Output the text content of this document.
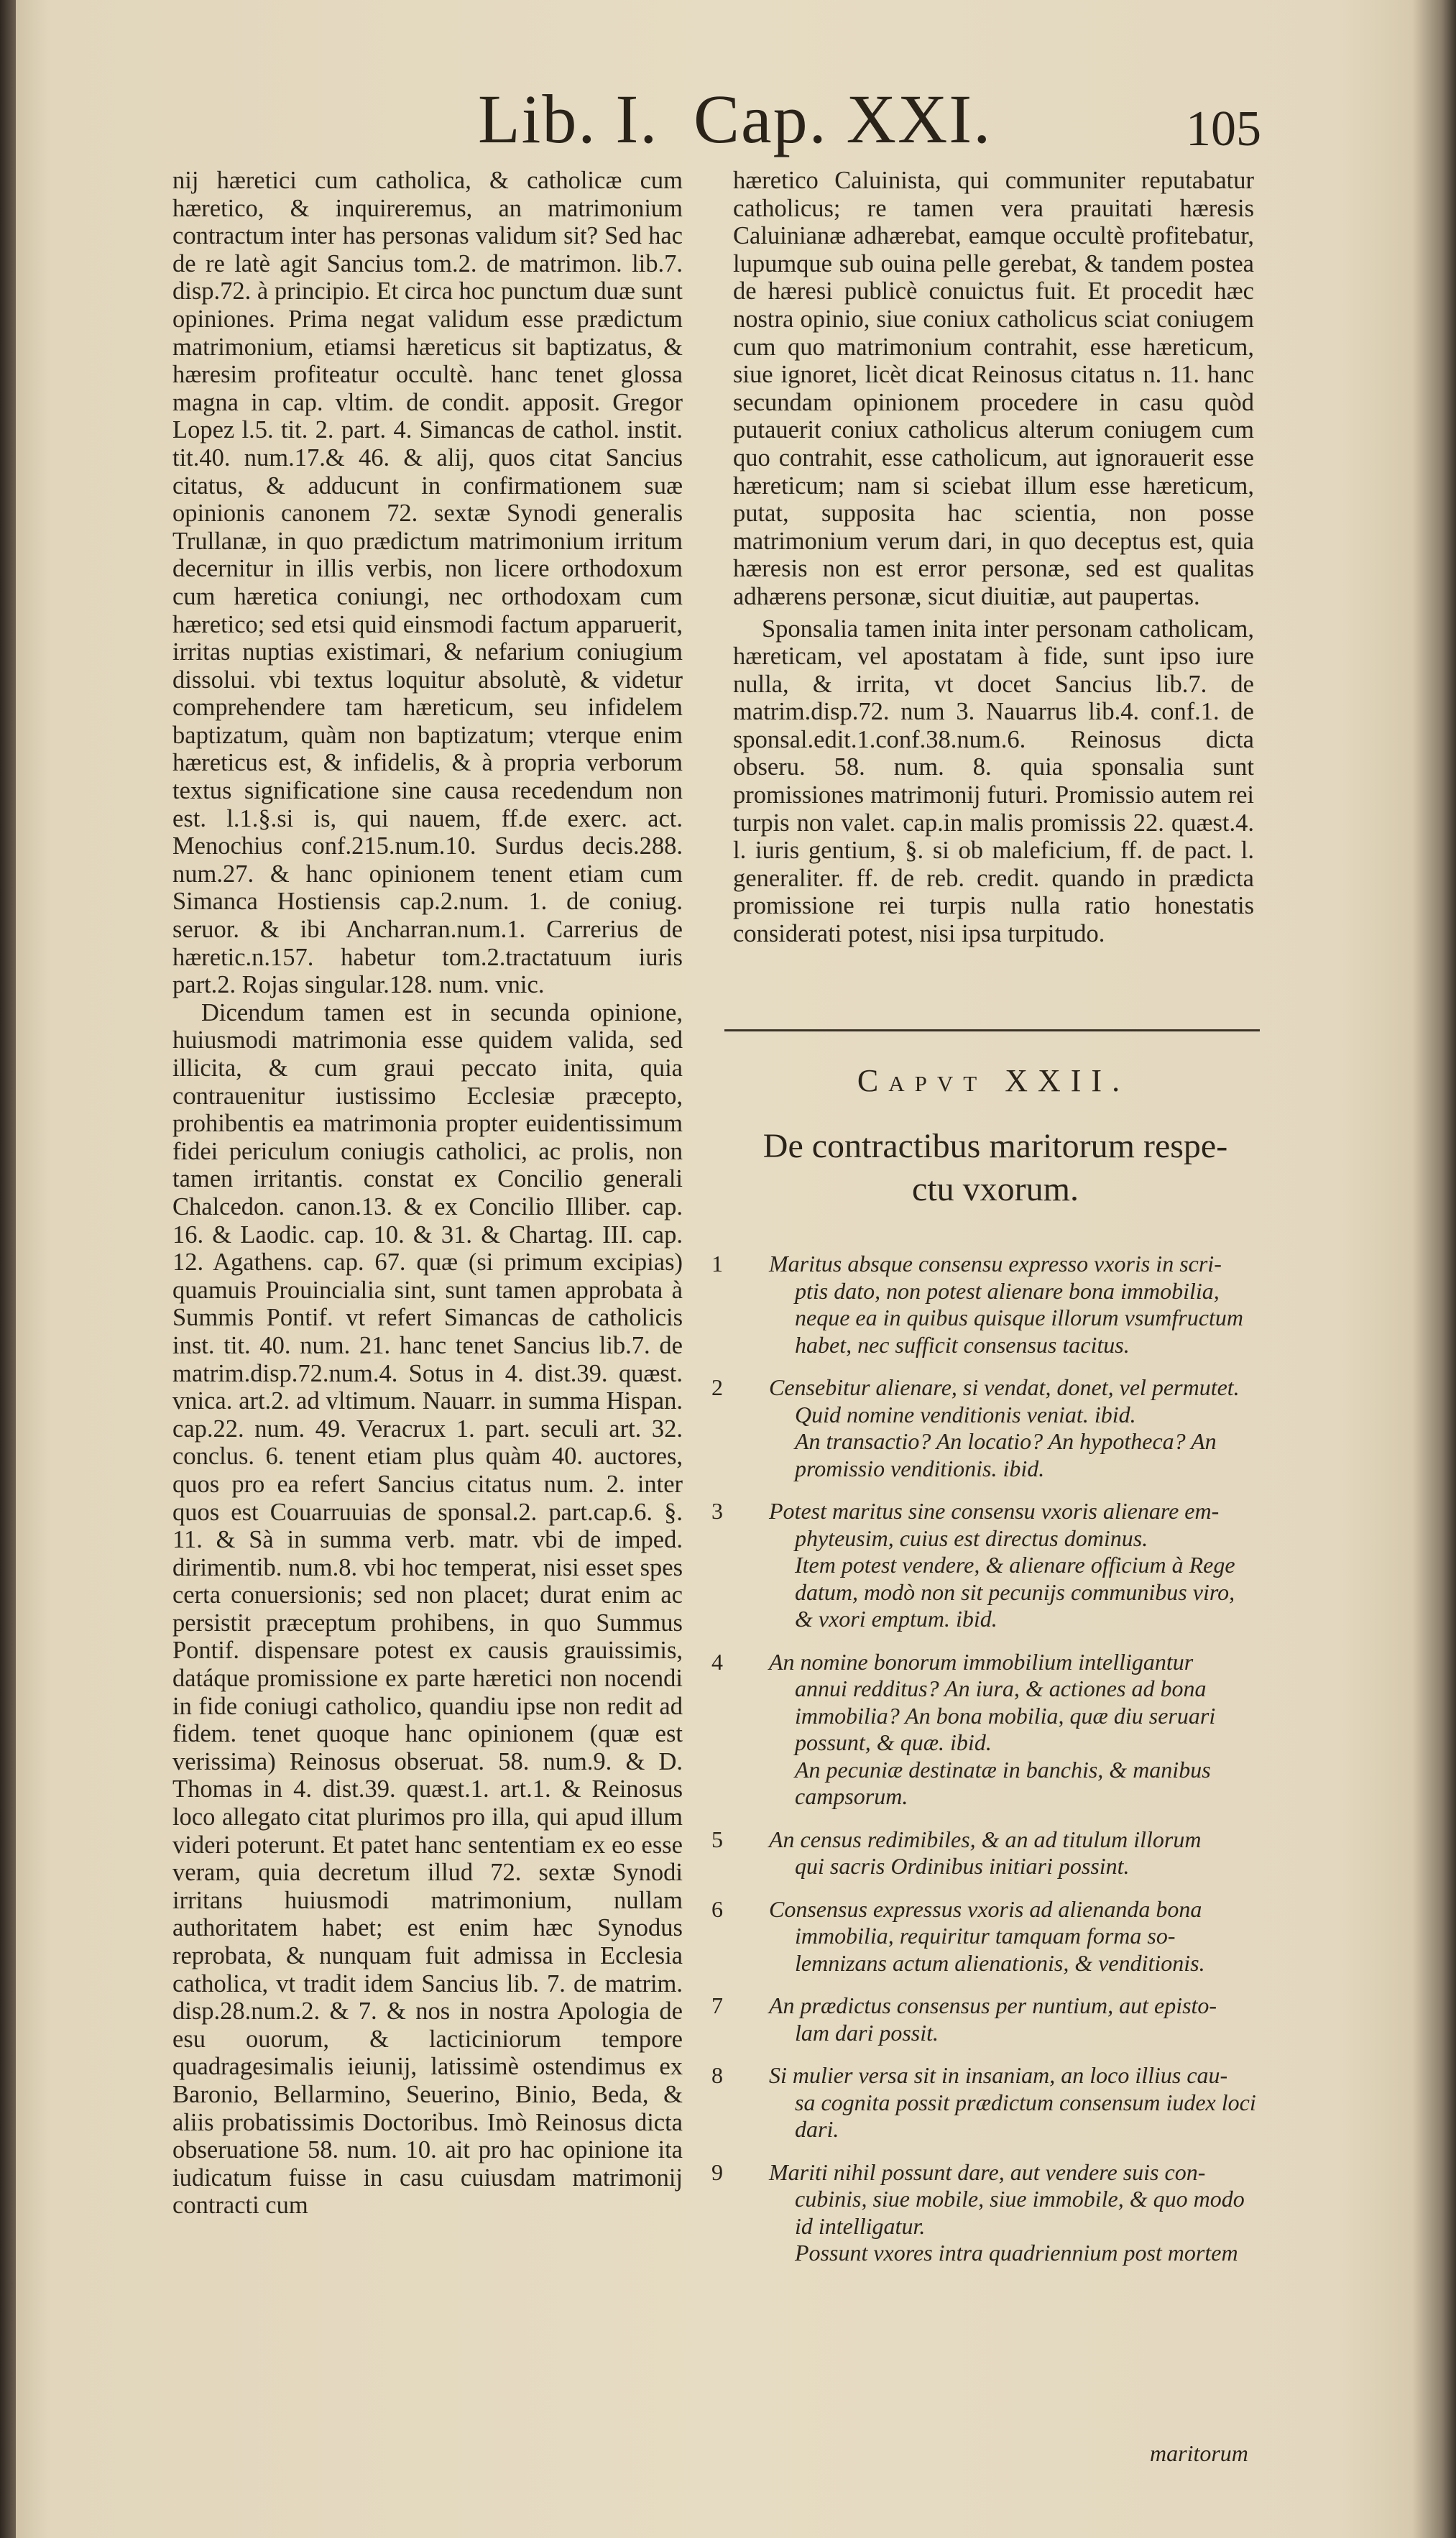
Lib. I. Cap. XXI.	105

nij hæretici cum catholica, & catholicæ cum hæretico, & inquireremus, an matrimonium contractum inter has personas validum sit? Sed hac de re latè agit Sancius tom.2. de matrimon. lib.7. disp.72. à principio. Et circa hoc punctum duæ sunt opiniones. Prima negat validum esse prædictum matrimonium, etiamsi hæreticus sit baptizatus, & hæresim profiteatur occultè. hanc tenet glossa magna in cap. vltim. de condit. apposit. Gregor Lopez l.5. tit. 2. part. 4. Simancas de cathol. instit. tit.40. num.17.& 46. & alij, quos citat Sancius citatus, & adducunt in confirmationem suæ opinionis canonem 72. sextæ Synodi generalis Trullanæ, in quo prædictum matrimonium irritum decernitur in illis verbis, non licere orthodoxum cum hæretica coniungi, nec orthodoxam cum hæretico; sed etsi quid einsmodi factum apparuerit, irritas nuptias existimari, & nefarium coniugium dissolui. vbi textus loquitur absolutè, & videtur comprehendere tam hæreticum, seu infidelem baptizatum, quàm non baptizatum; vterque enim hæreticus est, & infidelis, & à propria verborum textus significatione sine causa recedendum non est. l.1.§.si is, qui nauem, ff.de exerc. act. Menochius conf.215.num.10. Surdus decis.288. num.27. & hanc opinionem tenent etiam cum Simanca Hostiensis cap.2.num. 1. de coniug. seruor. & ibi Ancharran.num.1. Carrerius de hæretic.n.157. habetur tom.2.tractatuum iuris part.2. Rojas singular.128. num. vnic.

Dicendum tamen est in secunda opinione, huiusmodi matrimonia esse quidem valida, sed illicita, & cum graui peccato inita, quia contrauenitur iustissimo Ecclesiæ præcepto, prohibentis ea matrimonia propter euidentissimum fidei periculum coniugis catholici, ac prolis, non tamen irritantis. constat ex Concilio generali Chalcedon. canon.13. & ex Concilio Illiber. cap. 16. & Laodic. cap. 10. & 31. & Chartag. III. cap. 12. Agathens. cap. 67. quæ (si primum excipias) quamuis Prouincialia sint, sunt tamen approbata à Summis Pontif. vt refert Simancas de catholicis inst. tit. 40. num. 21. hanc tenet Sancius lib.7. de matrim.disp.72.num.4. Sotus in 4. dist.39. quæst. vnica. art.2. ad vltimum. Nauarr. in summa Hispan. cap.22. num. 49. Veracrux 1. part. seculi art. 32. conclus. 6. tenent etiam plus quàm 40. auctores, quos pro ea refert Sancius citatus num. 2. inter quos est Couarruuias de sponsal.2. part.cap.6. §. 11. & Sà in summa verb. matr. vbi de imped. dirimentib. num.8. vbi hoc temperat, nisi esset spes certa conuersionis; sed non placet; durat enim ac persistit præceptum prohibens, in quo Summus Pontif. dispensare potest ex causis grauissimis, datáque promissione ex parte hæretici non nocendi in fide coniugi catholico, quandiu ipse non redit ad fidem. tenet quoque hanc opinionem (quæ est verissima) Reinosus obseruat. 58. num.9. & D. Thomas in 4. dist.39. quæst.1. art.1. & Reinosus loco allegato citat plurimos pro illa, qui apud illum videri poterunt. Et patet hanc sententiam ex eo esse veram, quia decretum illud 72. sextæ Synodi irritans huiusmodi matrimonium, nullam authoritatem habet; est enim hæc Synodus reprobata, & nunquam fuit admissa in Ecclesia catholica, vt tradit idem Sancius lib. 7. de matrim. disp.28.num.2. & 7. & nos in nostra Apologia de esu ouorum, & lacticiniorum tempore quadragesimalis ieiunij, latissimè ostendimus ex Baronio, Bellarmino, Seuerino, Binio, Beda, & aliis probatissimis Doctoribus. Imò Reinosus dicta obseruatione 58. num. 10. ait pro hac opinione ita iudicatum fuisse in casu cuiusdam matrimonij contracti cum

hæretico Caluinista, qui communiter reputabatur catholicus; re tamen vera prauitati hæresis Caluinianæ adhærebat, eamque occultè profitebatur, lupumque sub ouina pelle gerebat, & tandem postea de hæresi publicè conuictus fuit. Et procedit hæc nostra opinio, siue coniux catholicus sciat coniugem cum quo matrimonium contrahit, esse hæreticum, siue ignoret, licèt dicat Reinosus citatus n. 11. hanc secundam opinionem procedere in casu quòd putauerit coniux catholicus alterum coniugem cum quo contrahit, esse catholicum, aut ignorauerit esse hæreticum; nam si sciebat illum esse hæreticum, putat, supposita hac scientia, non posse matrimonium verum dari, in quo deceptus est, quia hæresis non est error personæ, sed est qualitas adhærens personæ, sicut diuitiæ, aut paupertas.

Sponsalia tamen inita inter personam catholicam, hæreticam, vel apostatam à fide, sunt ipso iure nulla, & irrita, vt docet Sancius lib.7. de matrim.disp.72. num 3. Nauarrus lib.4. conf.1. de sponsal.edit.1.conf.38.num.6. Reinosus dicta obseru. 58. num. 8. quia sponsalia sunt promissiones matrimonij futuri. Promissio autem rei turpis non valet. cap.in malis promissis 22. quæst.4. l. iuris gentium, §. si ob maleficium, ff. de pact. l. generaliter. ff. de reb. credit. quando in prædicta promissione rei turpis nulla ratio honestatis considerati potest, nisi ipsa turpitudo.

Capvt XXII.
De contractibus maritorum respe-
ctu vxorum.
1 Maritus absque consensu expresso vxoris in scri-
ptis dato, non potest alienare bona immobilia,
neque ea in quibus quisque illorum vsumfructum
habet, nec sufficit consensus tacitus.
2 Censebitur alienare, si vendat, donet, vel permutet.
Quid nomine venditionis veniat. ibid.
An transactio? An locatio? An hypotheca? An
promissio venditionis. ibid.
3 Potest maritus sine consensu vxoris alienare em-
phyteusim, cuius est directus dominus.
Item potest vendere, & alienare officium à Rege
datum, modò non sit pecunijs communibus viro,
& vxori emptum. ibid.
4 An nomine bonorum immobilium intelligantur
annui redditus? An iura, & actiones ad bona
immobilia? An bona mobilia, quæ diu seruari
possunt, & quæ. ibid.
An pecuniæ destinatæ in banchis, & manibus
campsorum.
5 An census redimibiles, & an ad titulum illorum
qui sacris Ordinibus initiari possint.
6 Consensus expressus vxoris ad alienanda bona
immobilia, requiritur tamquam forma so-
lemnizans actum alienationis, & venditionis.
7 An prædictus consensus per nuntium, aut episto-
lam dari possit.
8 Si mulier versa sit in insaniam, an loco illius cau-
sa cognita possit prædictum consensum iudex loci
dari.
9 Mariti nihil possunt dare, aut vendere suis con-
cubinis, siue mobile, siue immobile, & quo modo
id intelligatur.
Possunt vxores intra quadriennium post mortem
maritorum
